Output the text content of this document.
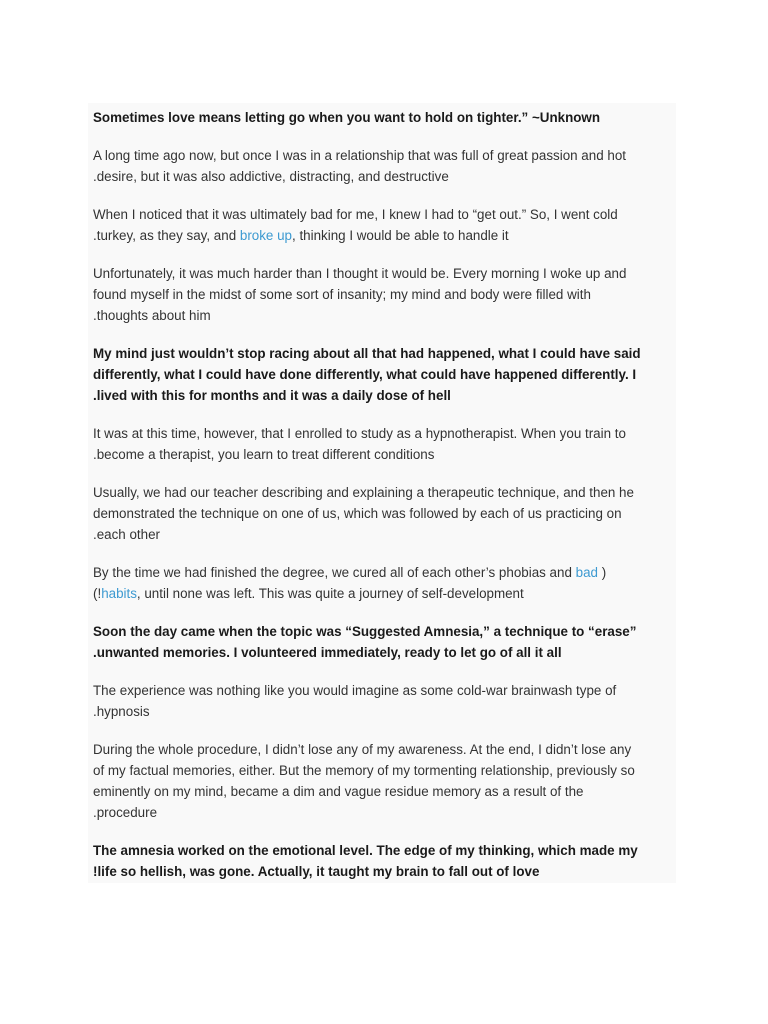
Sometimes love means letting go when you want to hold on tighter.” ~Unknown

A long time ago now, but once I was in a relationship that was full of great passion and hot
.desire, but it was also addictive, distracting, and destructive

When I noticed that it was ultimately bad for me, I knew I had to “get out.” So, I went cold
.turkey, as they say, and broke up, thinking I would be able to handle it

Unfortunately, it was much harder than I thought it would be. Every morning I woke up and
found myself in the midst of some sort of insanity; my mind and body were filled with
.thoughts about him

My mind just wouldn’t stop racing about all that had happened, what I could have said
differently, what I could have done differently, what could have happened differently. I
.lived with this for months and it was a daily dose of hell

It was at this time, however, that I enrolled to study as a hypnotherapist. When you train to
.become a therapist, you learn to treat different conditions

Usually, we had our teacher describing and explaining a therapeutic technique, and then he
demonstrated the technique on one of us, which was followed by each of us practicing on
.each other

By the time we had finished the degree, we cured all of each other’s phobias and bad )
(!habits, until none was left. This was quite a journey of self-development

Soon the day came when the topic was “Suggested Amnesia,” a technique to “erase”
.unwanted memories. I volunteered immediately, ready to let go of all it all

The experience was nothing like you would imagine as some cold-war brainwash type of
.hypnosis

During the whole procedure, I didn’t lose any of my awareness. At the end, I didn’t lose any
of my factual memories, either. But the memory of my tormenting relationship, previously so
eminently on my mind, became a dim and vague residue memory as a result of the
.procedure

The amnesia worked on the emotional level. The edge of my thinking, which made my
!life so hellish, was gone. Actually, it taught my brain to fall out of love
